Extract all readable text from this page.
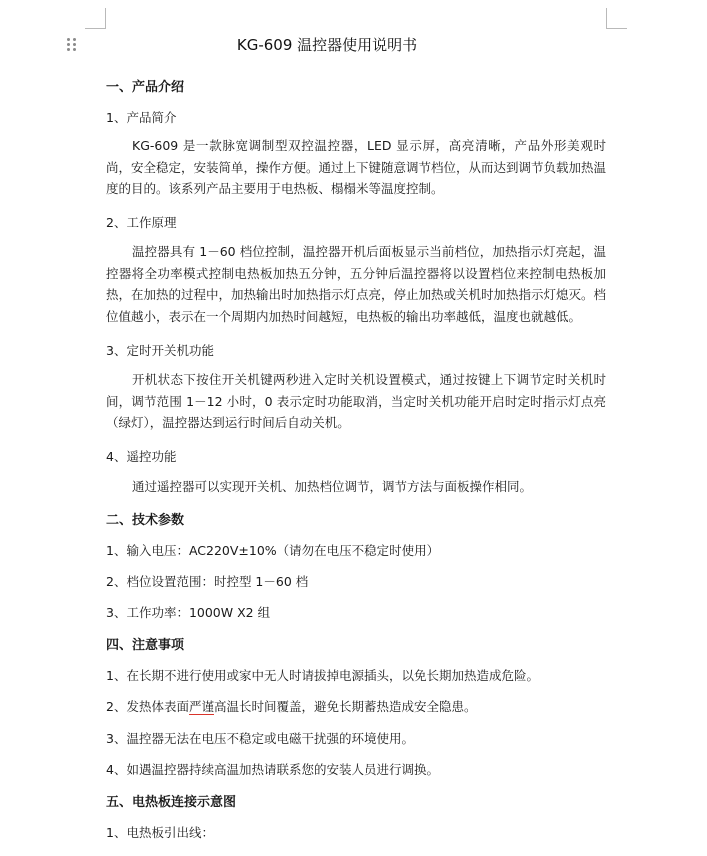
KG-609 温控器使用说明书
一、产品介绍
1、产品简介
KG-609 是一款脉宽调制型双控温控器，LED 显示屏，高亮清晰，产品外形美观时尚，安全稳定，安装简单，操作方便。通过上下键随意调节档位，从而达到调节负载加热温度的目的。该系列产品主要用于电热板、榻榻米等温度控制。
2、工作原理
温控器具有 1－60 档位控制，温控器开机后面板显示当前档位，加热指示灯亮起，温控器将全功率模式控制电热板加热五分钟，五分钟后温控器将以设置档位来控制电热板加热，在加热的过程中，加热输出时加热指示灯点亮，停止加热或关机时加热指示灯熄灭。档位值越小，表示在一个周期内加热时间越短，电热板的输出功率越低，温度也就越低。
3、定时开关机功能
开机状态下按住开关机键两秒进入定时关机设置模式，通过按键上下调节定时关机时间，调节范围 1－12 小时，0 表示定时功能取消，当定时关机功能开启时定时指示灯点亮（绿灯），温控器达到运行时间后自动关机。
4、遥控功能
通过遥控器可以实现开关机、加热档位调节，调节方法与面板操作相同。
二、技术参数
1、输入电压：AC220V±10%（请勿在电压不稳定时使用）
2、档位设置范围：时控型 1－60 档
3、工作功率：1000W X2 组
四、注意事项
1、在长期不进行使用或家中无人时请拔掉电源插头，以免长期加热造成危险。
2、发热体表面严谨高温长时间覆盖，避免长期蓄热造成安全隐患。
3、温控器无法在电压不稳定或电磁干扰强的环境使用。
4、如遇温控器持续高温加热请联系您的安装人员进行调换。
五、电热板连接示意图
1、电热板引出线：
